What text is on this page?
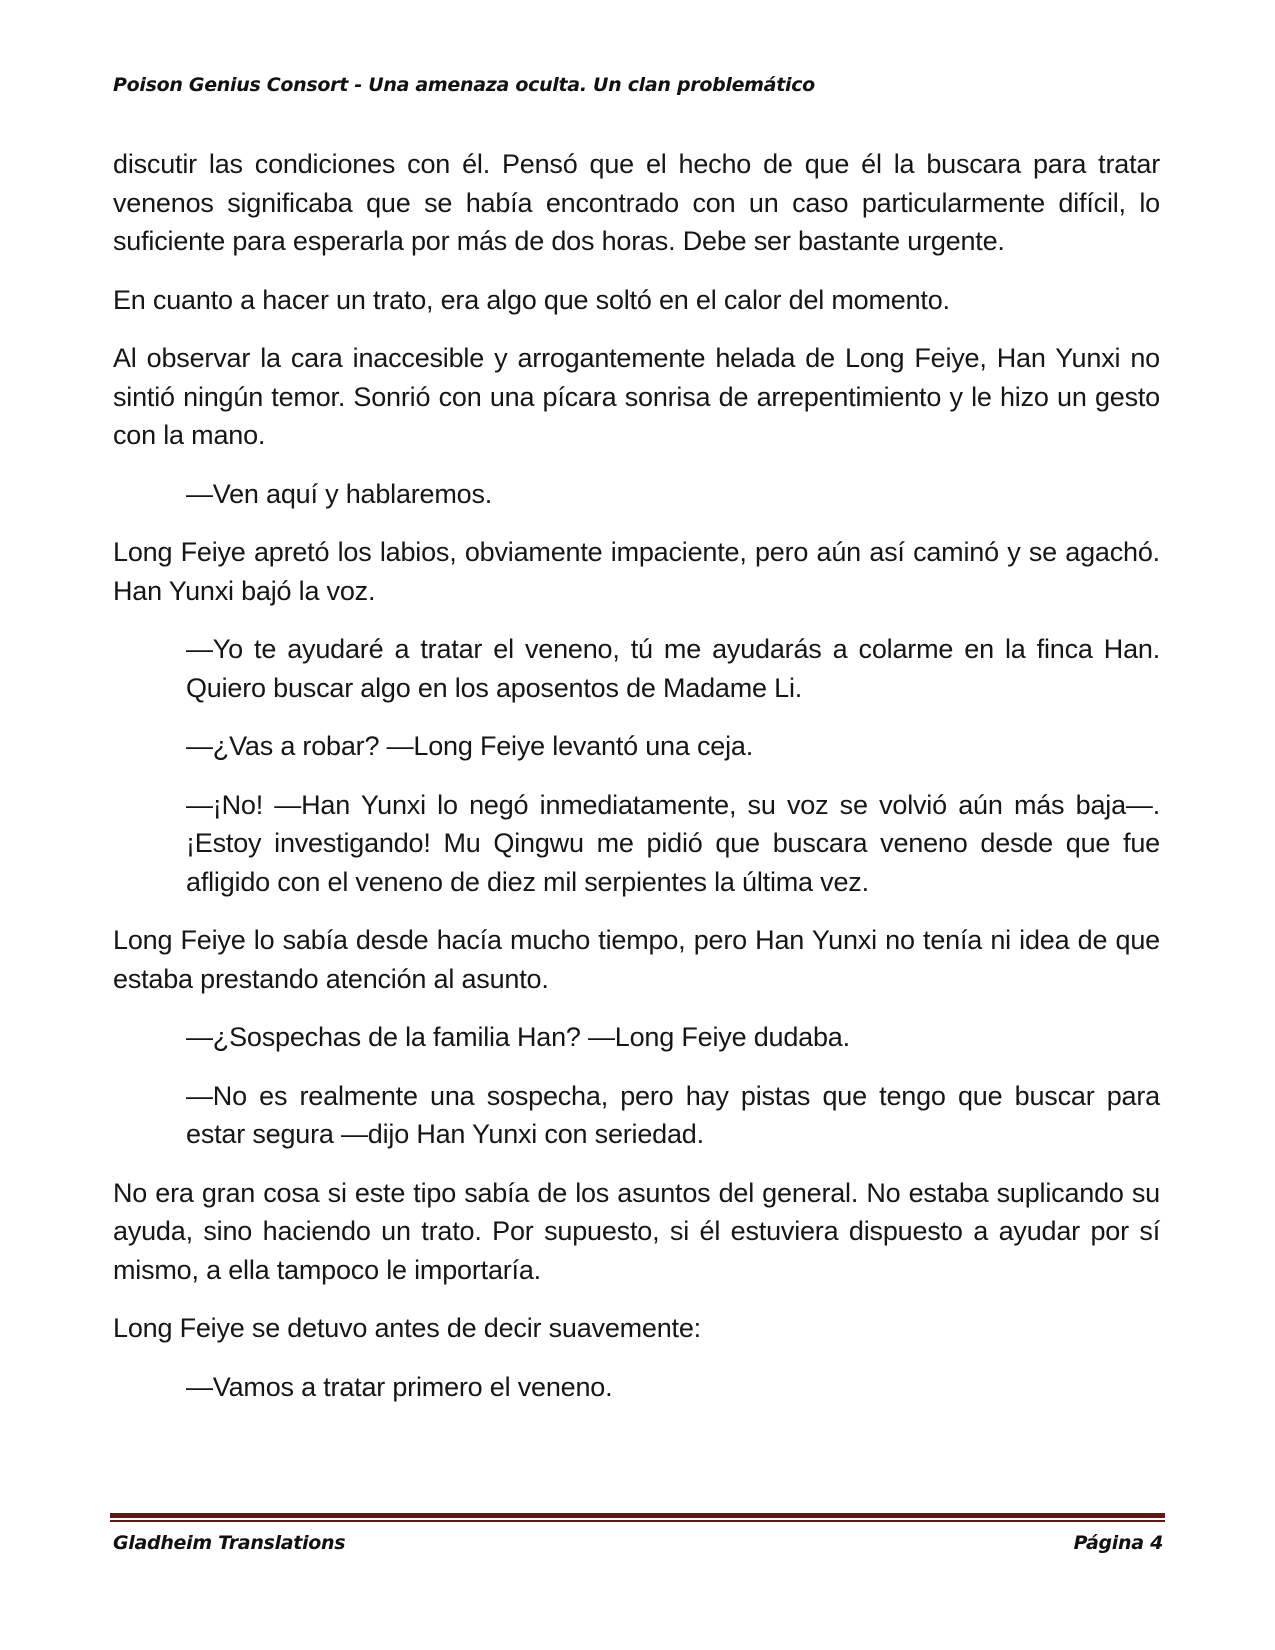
Poison Genius Consort - Una amenaza oculta. Un clan problemático

discutir las condiciones con él. Pensó que el hecho de que él la buscara para tratar venenos significaba que se había encontrado con un caso particularmente difícil, lo suficiente para esperarla por más de dos horas. Debe ser bastante urgente.

En cuanto a hacer un trato, era algo que soltó en el calor del momento.

Al observar la cara inaccesible y arrogantemente helada de Long Feiye, Han Yunxi no sintió ningún temor. Sonrió con una pícara sonrisa de arrepentimiento y le hizo un gesto con la mano.

—Ven aquí y hablaremos.

Long Feiye apretó los labios, obviamente impaciente, pero aún así caminó y se agachó. Han Yunxi bajó la voz.

—Yo te ayudaré a tratar el veneno, tú me ayudarás a colarme en la finca Han. Quiero buscar algo en los aposentos de Madame Li.

—¿Vas a robar? —Long Feiye levantó una ceja.

—¡No! —Han Yunxi lo negó inmediatamente, su voz se volvió aún más baja—. ¡Estoy investigando! Mu Qingwu me pidió que buscara veneno desde que fue afligido con el veneno de diez mil serpientes la última vez.

Long Feiye lo sabía desde hacía mucho tiempo, pero Han Yunxi no tenía ni idea de que estaba prestando atención al asunto.

—¿Sospechas de la familia Han? —Long Feiye dudaba.

—No es realmente una sospecha, pero hay pistas que tengo que buscar para estar segura —dijo Han Yunxi con seriedad.

No era gran cosa si este tipo sabía de los asuntos del general. No estaba suplicando su ayuda, sino haciendo un trato. Por supuesto, si él estuviera dispuesto a ayudar por sí mismo, a ella tampoco le importaría.

Long Feiye se detuvo antes de decir suavemente:

—Vamos a tratar primero el veneno.

Gladheim Translations	Página 4
